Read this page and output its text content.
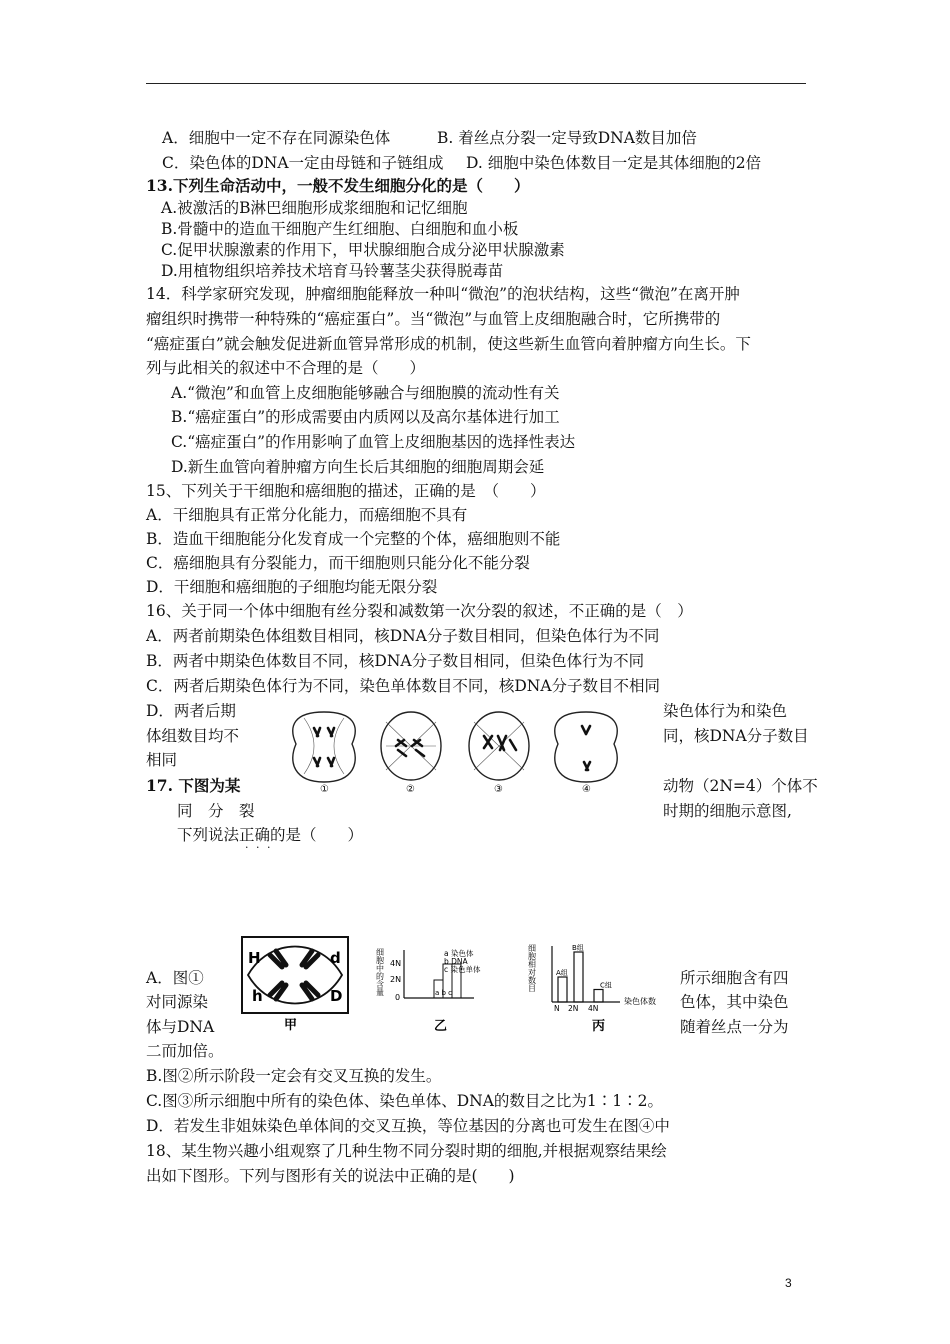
A．细胞中一定不存在同源染色体	B. 着丝点分裂一定导致DNA数目加倍
C．染色体的DNA一定由母链和子链组成 D. 细胞中染色体数目一定是其体细胞的2倍
13.下列生命活动中，一般不发生细胞分化的是（　　）
A.被激活的B淋巴细胞形成浆细胞和记忆细胞
B.骨髓中的造血干细胞产生红细胞、白细胞和血小板
C.促甲状腺激素的作用下，甲状腺细胞合成分泌甲状腺激素
D.用植物组织培养技术培育马铃薯茎尖获得脱毒苗
14．科学家研究发现，肿瘤细胞能释放一种叫“微泡”的泡状结构，这些“微泡”在离开肿
瘤组织时携带一种特殊的“癌症蛋白”。当“微泡”与血管上皮细胞融合时，它所携带的
“癌症蛋白”就会触发促进新血管异常形成的机制，使这些新生血管向着肿瘤方向生长。下
列与此相关的叙述中不合理的是（　　）
A.“微泡”和血管上皮细胞能够融合与细胞膜的流动性有关
B.“癌症蛋白”的形成需要由内质网以及高尔基体进行加工
C.“癌症蛋白”的作用影响了血管上皮细胞基因的选择性表达
D.新生血管向着肿瘤方向生长后其细胞的细胞周期会延
15、下列关于干细胞和癌细胞的描述，正确的是　（　　）
A．干细胞具有正常分化能力，而癌细胞不具有
B．造血干细胞能分化发育成一个完整的个体，癌细胞则不能
C．癌细胞具有分裂能力，而干细胞则只能分化不能分裂
D．干细胞和癌细胞的子细胞均能无限分裂
16、关于同一个体中细胞有丝分裂和减数第一次分裂的叙述，不正确的是（　）
A．两者前期染色体组数目相同，核DNA分子数目相同，但染色体行为不同
B．两者中期染色体数目不同，核DNA分子数目相同，但染色体行为不同
C．两者后期染色体行为不同，染色单体数目不同，核DNA分子数目不相同
D．两者后期
体组数目均不
相同
染色体行为和染色
同，核DNA分子数目
17. 下图为某
同　分　裂
下列说法正确的是（　　）
· · ·
动物（2N=4）个体不
时期的细胞示意图,
①	②	③	④
H	d
h	D
甲
细胞中的含量 4N
2N
0	a b c
a 染色体
b DNA
c 染色单体
乙
细胞相对数目	A组
B组
C组
N 2N 4N
染色体数
丙
A．图①
对同源染
体与DNA
所示细胞含有四
色体，其中染色
随着丝点一分为
二而加倍。
B.图②所示阶段一定会有交叉互换的发生。
C.图③所示细胞中所有的染色体、染色单体、DNA的数目之比为1∶1∶2。
D．若发生非姐妹染色单体间的交叉互换，等位基因的分离也可发生在图④中
18、某生物兴趣小组观察了几种生物不同分裂时期的细胞,并根据观察结果绘
出如下图形。下列与图形有关的说法中正确的是(　　)
3
